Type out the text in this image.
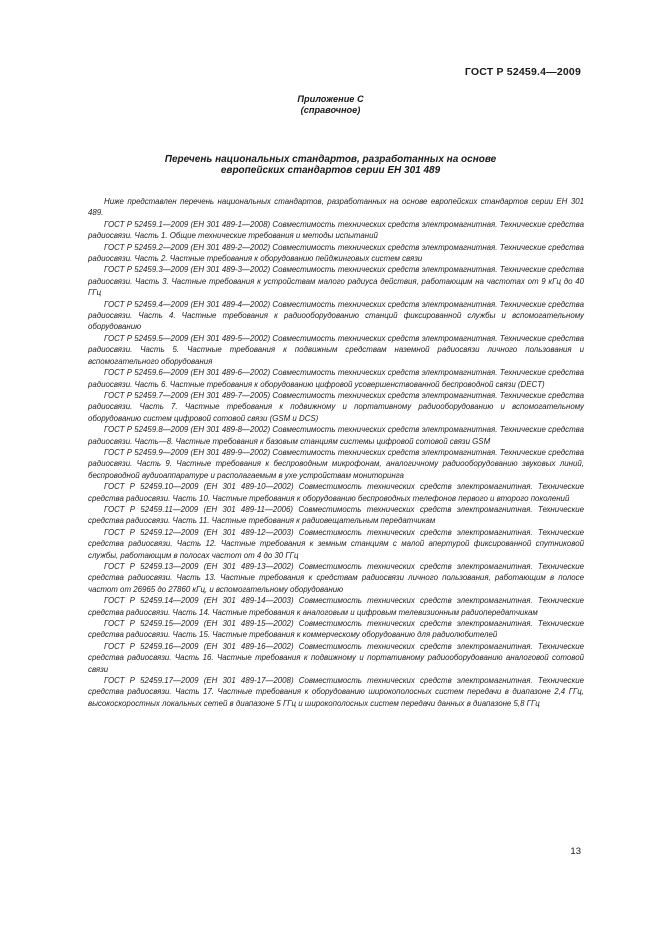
ГОСТ Р 52459.4—2009
Приложение С
(справочное)
Перечень национальных стандартов, разработанных на основе
европейских стандартов серии ЕН 301 489

Ниже представлен перечень национальных стандартов, разработанных на основе европейских стандартов серии ЕН 301 489.

ГОСТ Р 52459.1—2009 (ЕН 301 489-1—2008) Совместимость технических средств электромагнитная. Технические средства радиосвязи. Часть 1. Общие технические требования и методы испытаний

ГОСТ Р 52459.2—2009 (ЕН 301 489-2—2002) Совместимость технических средств электромагнитная. Технические средства радиосвязи. Часть 2. Частные требования к оборудованию пейджинговых систем связи

ГОСТ Р 52459.3—2009 (ЕН 301 489-3—2002) Совместимость технических средств электромагнитная. Технические средства радиосвязи. Часть 3. Частные требования к устройствам малого радиуса действия, работающим на частотах от 9 кГц до 40 ГГц

ГОСТ Р 52459.4—2009 (ЕН 301 489-4—2002) Совместимость технических средств электромагнитная. Технические средства радиосвязи. Часть 4. Частные требования к радиооборудованию станций фиксированной службы и вспомогательному оборудованию

ГОСТ Р 52459.5—2009 (ЕН 301 489-5—2002) Совместимость технических средств электромагнитная. Технические средства радиосвязи. Часть 5. Частные требования к подвижным средствам наземной радиосвязи личного пользования и вспомогательного оборудования

ГОСТ Р 52459.6—2009 (ЕН 301 489-6—2002) Совместимость технических средств электромагнитная. Технические средства радиосвязи. Часть 6. Частные требования к оборудованию цифровой усовершенствованной беспроводной связи (DECT)

ГОСТ Р 52459.7—2009 (ЕН 301 489-7—2005) Совместимость технических средств электромагнитная. Технические средства радиосвязи. Часть 7. Частные требования к подвижному и портативному радиооборудованию и вспомогательному оборудованию систем цифровой сотовой связи (GSM и DCS)

ГОСТ Р 52459.8—2009 (ЕН 301 489-8—2002) Совместимость технических средств электромагнитная. Технические средства радиосвязи. Часть—8. Частные требования к базовым станциям системы цифровой сотовой связи GSM

ГОСТ Р 52459.9—2009 (ЕН 301 489-9—2002) Совместимость технических средств электромагнитная. Технические средства радиосвязи. Часть 9. Частные требования к беспроводным микрофонам, аналогичному радиооборудованию звуковых линий, беспроводной аудиоаппаратуре и располагаемым в ухе устройствам мониторинга

ГОСТ Р 52459.10—2009 (ЕН 301 489-10—2002) Совместимость технических средств электромагнитная. Технические средства радиосвязи. Часть 10. Частные требования к оборудованию беспроводных телефонов первого и второго поколений

ГОСТ Р 52459.11—2009 (ЕН 301 489-11—2006) Совместимость технических средств электромагнитная. Технические средства радиосвязи. Часть 11. Частные требования к радиовещательным передатчикам

ГОСТ Р 52459.12—2009 (ЕН 301 489-12—2003) Совместимость технических средств электромагнитная. Технические средства радиосвязи. Часть 12. Частные требования к земным станциям с малой апертурой фиксированной спутниковой службы, работающим в полосах частот от 4 до 30 ГГц

ГОСТ Р 52459.13—2009 (ЕН 301 489-13—2002) Совместимость технических средств электромагнитная. Технические средства радиосвязи. Часть 13. Частные требования к средствам радиосвязи личного пользования, работающим в полосе частот от 26965 до 27860 кГц, и вспомогательному оборудованию

ГОСТ Р 52459.14—2009 (ЕН 301 489-14—2003) Совместимость технических средств электромагнитная. Технические средства радиосвязи. Часть 14. Частные требования к аналоговым и цифровым телевизионным радиопередатчикам

ГОСТ Р 52459.15—2009 (ЕН 301 489-15—2002) Совместимость технических средств электромагнитная. Технические средства радиосвязи. Часть 15. Частные требования к коммерческому оборудованию для радиолюбителей

ГОСТ Р 52459.16—2009 (ЕН 301 489-16—2002) Совместимость технических средств электромагнитная. Технические средства радиосвязи. Часть 16. Частные требования к подвижному и портативному радиооборудованию аналоговой сотовой связи

ГОСТ Р 52459.17—2009 (ЕН 301 489-17—2008) Совместимость технических средств электромагнитная. Технические средства радиосвязи. Часть 17. Частные требования к оборудованию широкополосных систем передачи в диапазоне 2,4 ГГц, высокоскоростных локальных сетей в диапазоне 5 ГГц и широкополосных систем передачи данных в диапазоне 5,8 ГГц

13
